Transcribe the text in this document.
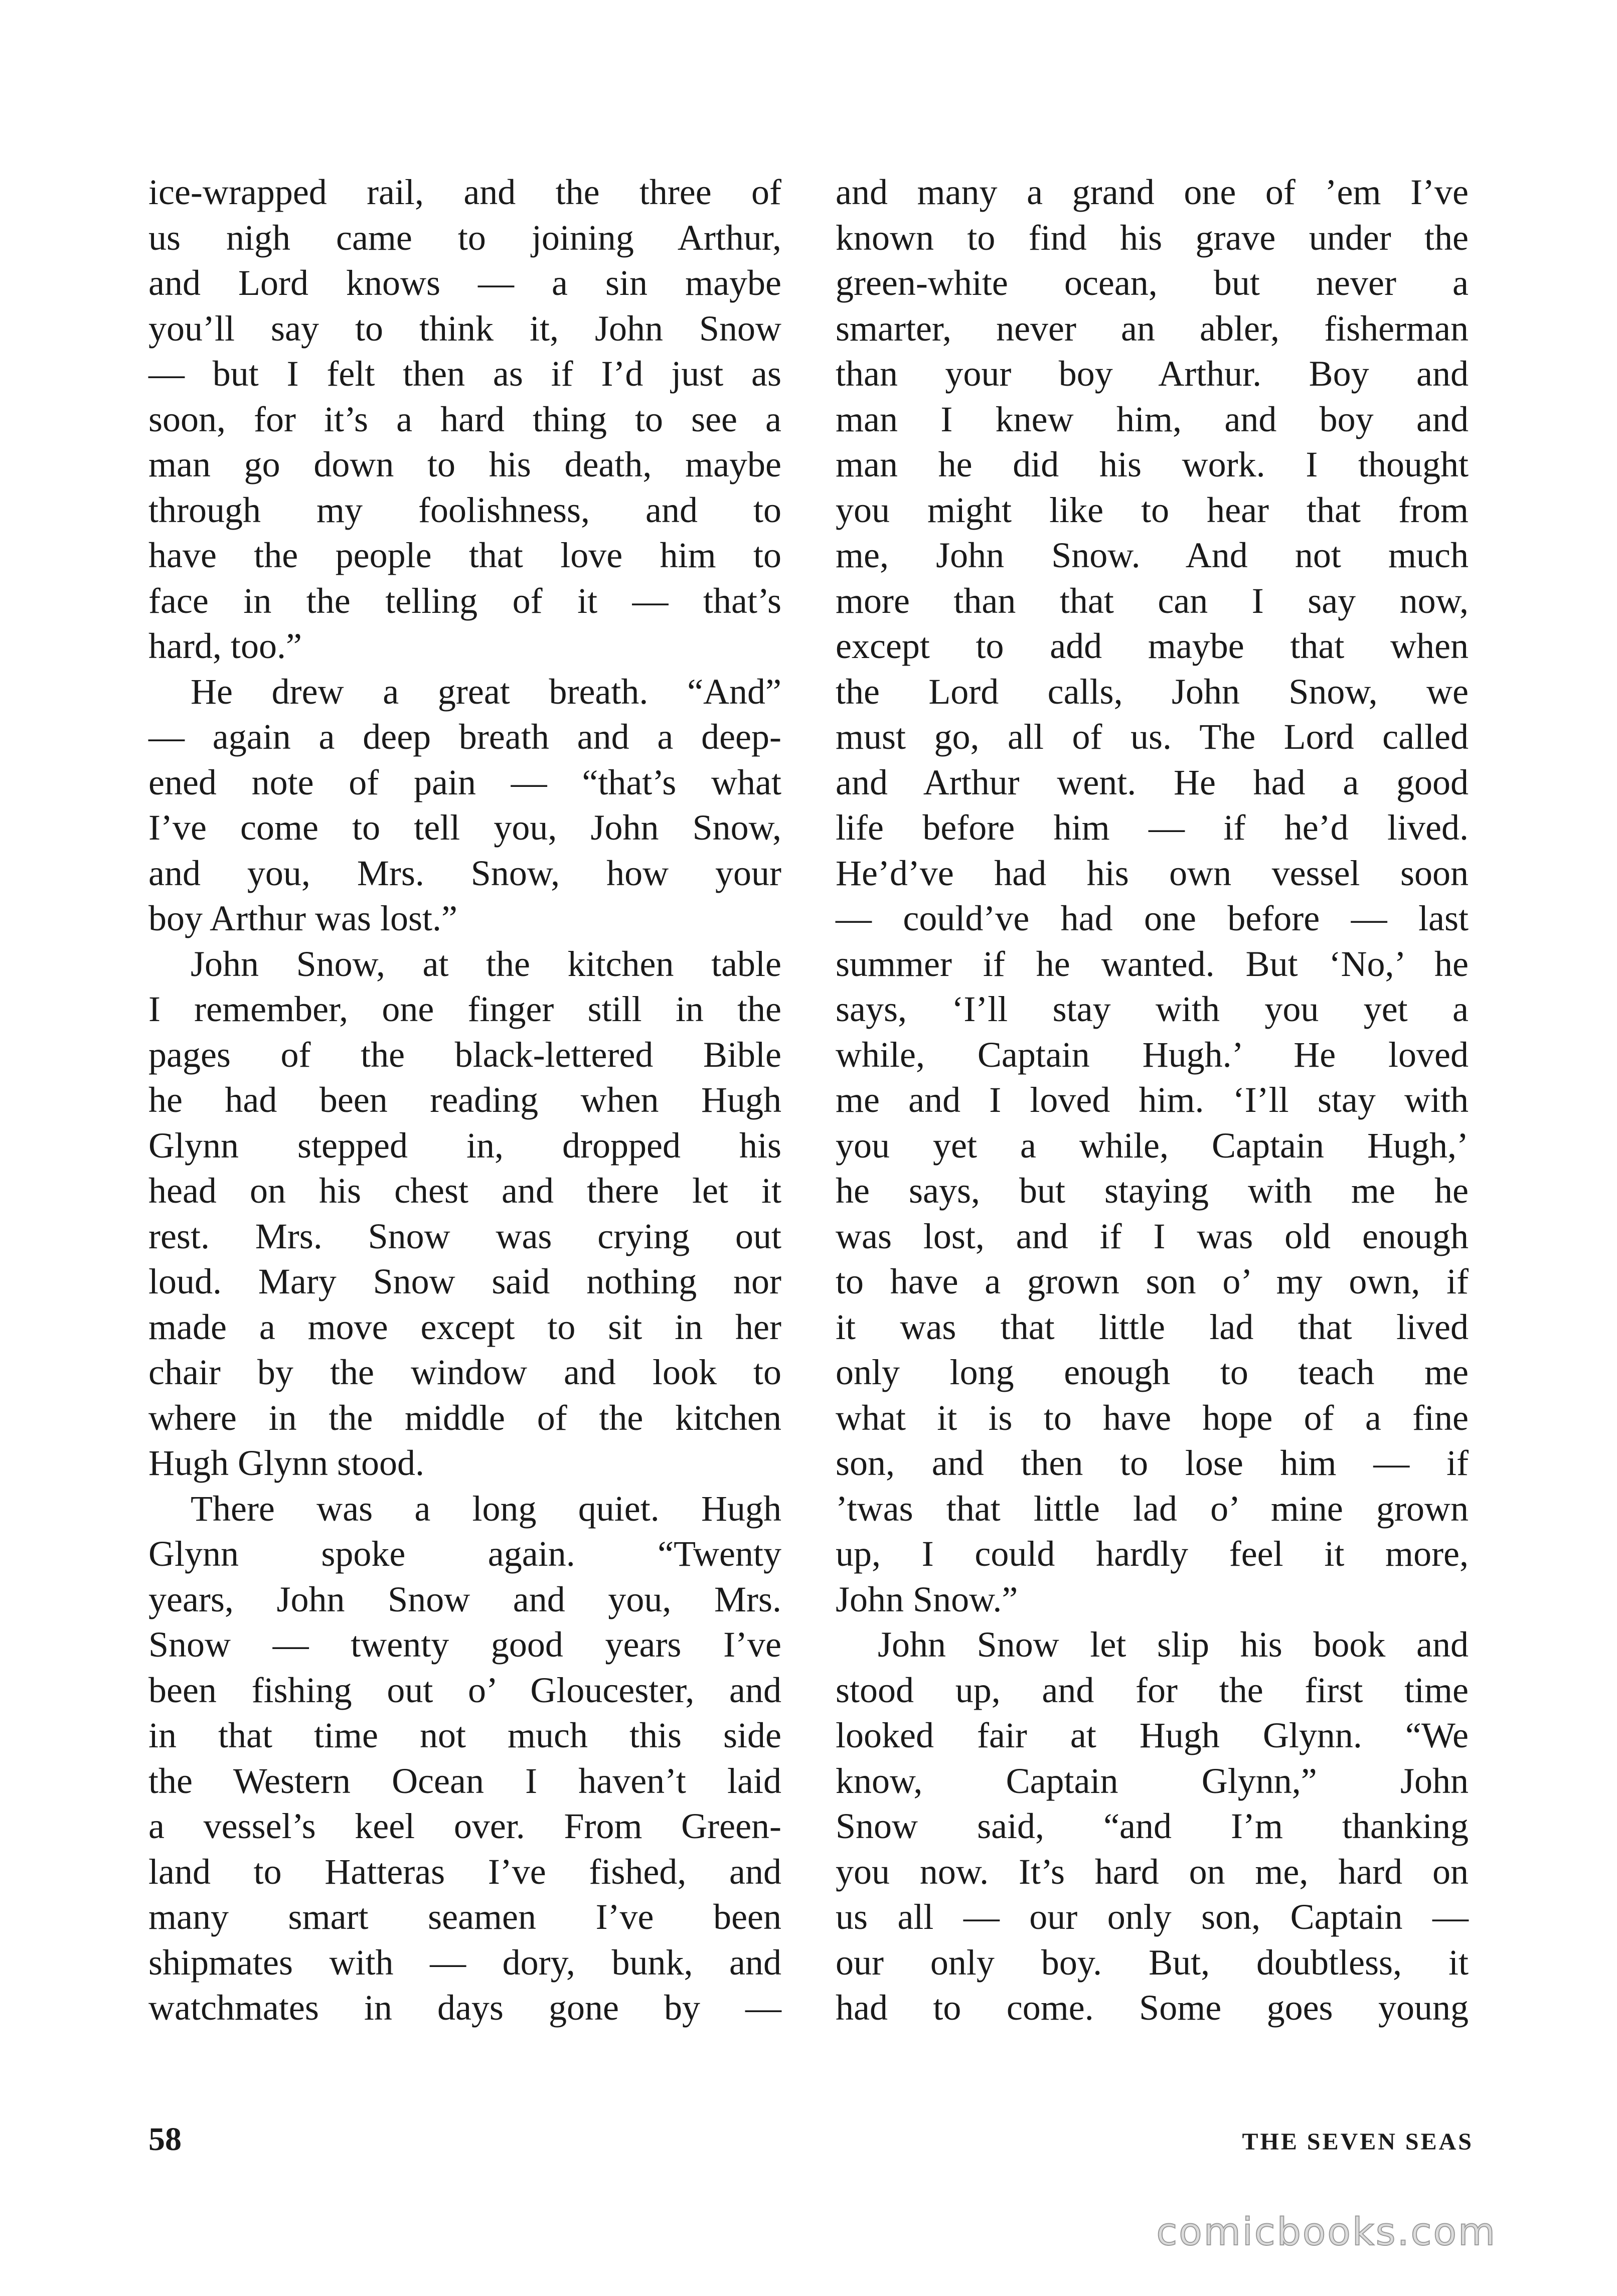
ice-wrapped rail, and the three of
us nigh came to joining Arthur,
and Lord knows — a sin maybe
you’ll say to think it, John Snow
— but I felt then as if I’d just as
soon, for it’s a hard thing to see a
man go down to his death, maybe
through my foolishness, and to
have the people that love him to
face in the telling of it — that’s
hard, too.”
He drew a great breath. “And”
— again a deep breath and a deep-
ened note of pain — “that’s what
I’ve come to tell you, John Snow,
and you, Mrs. Snow, how your
boy Arthur was lost.”
John Snow, at the kitchen table
I remember, one finger still in the
pages of the black-lettered Bible
he had been reading when Hugh
Glynn stepped in, dropped his
head on his chest and there let it
rest. Mrs. Snow was crying out
loud. Mary Snow said nothing nor
made a move except to sit in her
chair by the window and look to
where in the middle of the kitchen
Hugh Glynn stood.
There was a long quiet. Hugh
Glynn spoke again. “Twenty
years, John Snow and you, Mrs.
Snow — twenty good years I’ve
been fishing out o’ Gloucester, and
in that time not much this side
the Western Ocean I haven’t laid
a vessel’s keel over. From Green-
land to Hatteras I’ve fished, and
many smart seamen I’ve been
shipmates with — dory, bunk, and
watchmates in days gone by —
and many a grand one of ’em I’ve
known to find his grave under the
green-white ocean, but never a
smarter, never an abler, fisherman
than your boy Arthur. Boy and
man I knew him, and boy and
man he did his work. I thought
you might like to hear that from
me, John Snow. And not much
more than that can I say now,
except to add maybe that when
the Lord calls, John Snow, we
must go, all of us. The Lord called
and Arthur went. He had a good
life before him — if he’d lived.
He’d’ve had his own vessel soon
— could’ve had one before — last
summer if he wanted. But ‘No,’ he
says, ‘I’ll stay with you yet a
while, Captain Hugh.’ He loved
me and I loved him. ‘I’ll stay with
you yet a while, Captain Hugh,’
he says, but staying with me he
was lost, and if I was old enough
to have a grown son o’ my own, if
it was that little lad that lived
only long enough to teach me
what it is to have hope of a fine
son, and then to lose him — if
’twas that little lad o’ mine grown
up, I could hardly feel it more,
John Snow.”
John Snow let slip his book and
stood up, and for the first time
looked fair at Hugh Glynn. “We
know, Captain Glynn,” John
Snow said, “and I’m thanking
you now. It’s hard on me, hard on
us all — our only son, Captain —
our only boy. But, doubtless, it
had to come. Some goes young
58	THE SEVEN SEAS
comicbooks.com
